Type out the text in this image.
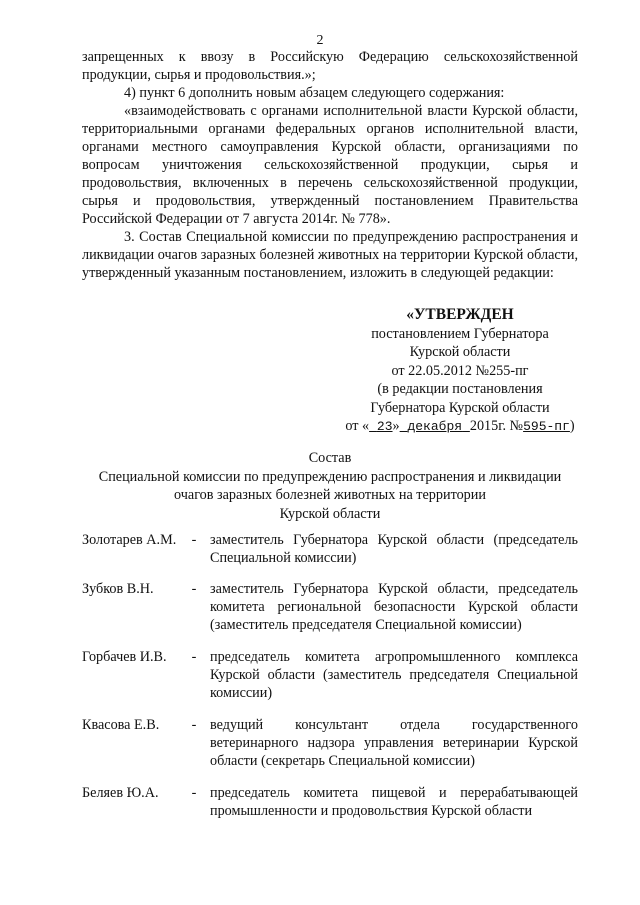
2

запрещенных к ввозу в Российскую Федерацию сельскохозяйственной продукции, сырья и продовольствия.»;

4) пункт 6 дополнить новым абзацем следующего содержания:

«взаимодействовать с органами исполнительной власти Курской области, территориальными органами федеральных органов исполнительной власти, органами местного самоуправления Курской области, организациями по вопросам уничтожения сельскохозяйственной продукции, сырья и продовольствия, включенных в перечень сельскохозяйственной продукции, сырья и продовольствия, утвержденный постановлением Правительства Российской Федерации от 7 августа 2014г. № 778».

3. Состав Специальной комиссии по предупреждению распространения и ликвидации очагов заразных болезней животных на территории Курской области, утвержденный указанным постановлением, изложить в следующей редакции:

«УТВЕРЖДЕН
постановлением Губернатора
Курской области
от 22.05.2012 №255-пг
(в редакции постановления
Губернатора Курской области
от « 23» декабря 2015г. №595-пг)
Состав
Специальной комиссии по предупреждению распространения и ликвидации
очагов заразных болезней животных на территории
Курской области
Золотарев А.М.	- заместитель Губернатора Курской области (председатель Специальной комиссии)
Зубков В.Н.	- заместитель Губернатора Курской области, председатель комитета региональной безопасности Курской области (заместитель председателя Специальной комиссии)
Горбачев И.В.	- председатель комитета агропромышленного комплекса Курской области (заместитель председателя Специальной комиссии)
Квасова Е.В.	- ведущий консультант отдела государственного ветеринарного надзора управления ветеринарии Курской области (секретарь Специальной комиссии)
Беляев Ю.А.	- председатель комитета пищевой и перерабатывающей промышленности и продовольствия Курской области
